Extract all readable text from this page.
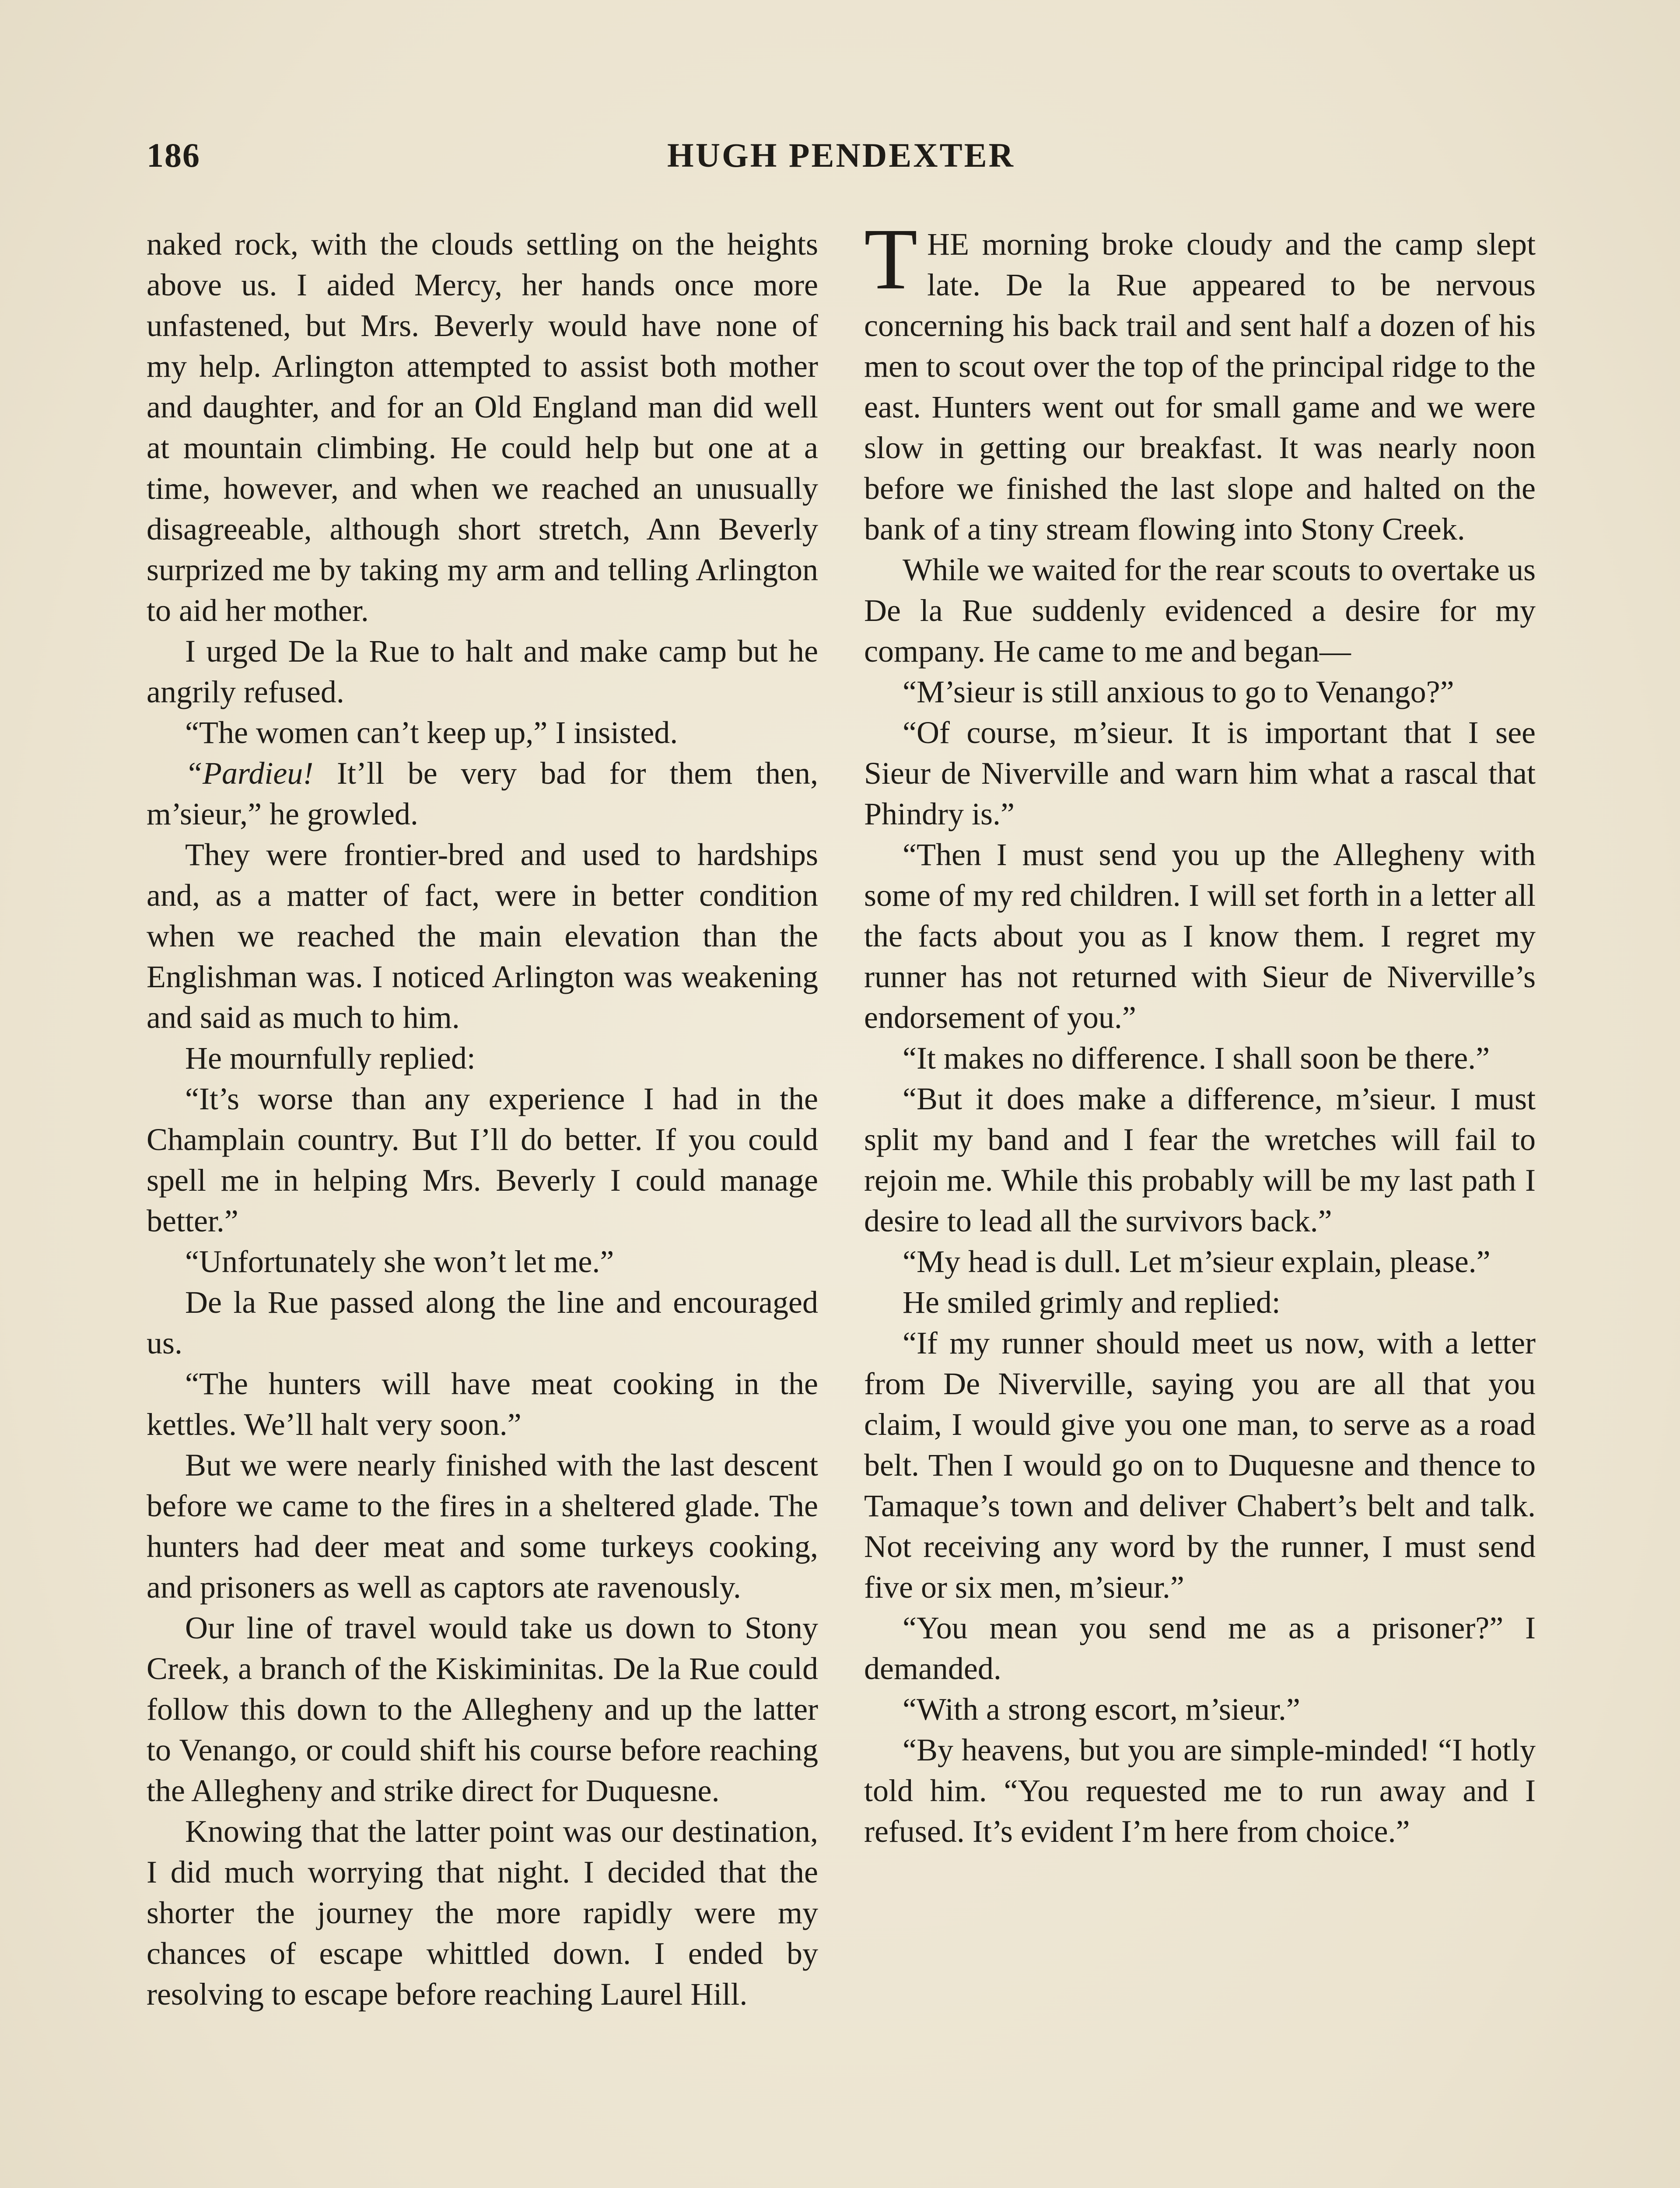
186	HUGH PENDEXTER

naked rock, with the clouds settling on the heights above us. I aided Mercy, her hands once more unfastened, but Mrs. Beverly would have none of my help. Arlington attempted to assist both mother and daughter, and for an Old England man did well at mountain climbing. He could help but one at a time, however, and when we reached an unusually disagreeable, although short stretch, Ann Beverly surprized me by taking my arm and telling Arlington to aid her mother.

I urged De la Rue to halt and make camp but he angrily refused.

“The women can’t keep up,” I insisted.

“Pardieu! It’ll be very bad for them then, m’sieur,” he growled.

They were frontier-bred and used to hardships and, as a matter of fact, were in better condition when we reached the main elevation than the Englishman was. I noticed Arlington was weakening and said as much to him.

He mournfully replied:

“It’s worse than any experience I had in the Champlain country. But I’ll do better. If you could spell me in helping Mrs. Beverly I could manage better.”

“Unfortunately she won’t let me.”

De la Rue passed along the line and encouraged us.

“The hunters will have meat cooking in the kettles. We’ll halt very soon.”

But we were nearly finished with the last descent before we came to the fires in a sheltered glade. The hunters had deer meat and some turkeys cooking, and prisoners as well as captors ate ravenously.

Our line of travel would take us down to Stony Creek, a branch of the Kiskiminitas. De la Rue could follow this down to the Allegheny and up the latter to Venango, or could shift his course before reaching the Allegheny and strike direct for Duquesne.

Knowing that the latter point was our destination, I did much worrying that night. I decided that the shorter the journey the more rapidly were my chances of escape whittled down. I ended by resolving to escape before reaching Laurel Hill.

THE morning broke cloudy and the camp slept late. De la Rue appeared to be nervous concerning his back trail and sent half a dozen of his men to scout over the top of the principal ridge to the east. Hunters went out for small game and we were slow in getting our breakfast. It was nearly noon before we finished the last slope and halted on the bank of a tiny stream flowing into Stony Creek.

While we waited for the rear scouts to overtake us De la Rue suddenly evidenced a desire for my company. He came to me and began—

“M’sieur is still anxious to go to Venango?”

“Of course, m’sieur. It is important that I see Sieur de Niverville and warn him what a rascal that Phindry is.”

“Then I must send you up the Allegheny with some of my red children. I will set forth in a letter all the facts about you as I know them. I regret my runner has not returned with Sieur de Niverville’s endorsement of you.”

“It makes no difference. I shall soon be there.”

“But it does make a difference, m’sieur. I must split my band and I fear the wretches will fail to rejoin me. While this probably will be my last path I desire to lead all the survivors back.”

“My head is dull. Let m’sieur explain, please.”

He smiled grimly and replied:

“If my runner should meet us now, with a letter from De Niverville, saying you are all that you claim, I would give you one man, to serve as a road belt. Then I would go on to Duquesne and thence to Tamaque’s town and deliver Chabert’s belt and talk. Not receiving any word by the runner, I must send five or six men, m’sieur.”

“You mean you send me as a prisoner?” I demanded.

“With a strong escort, m’sieur.”

“By heavens, but you are simple-minded! “I hotly told him. “You requested me to run away and I refused. It’s evident I’m here from choice.”
